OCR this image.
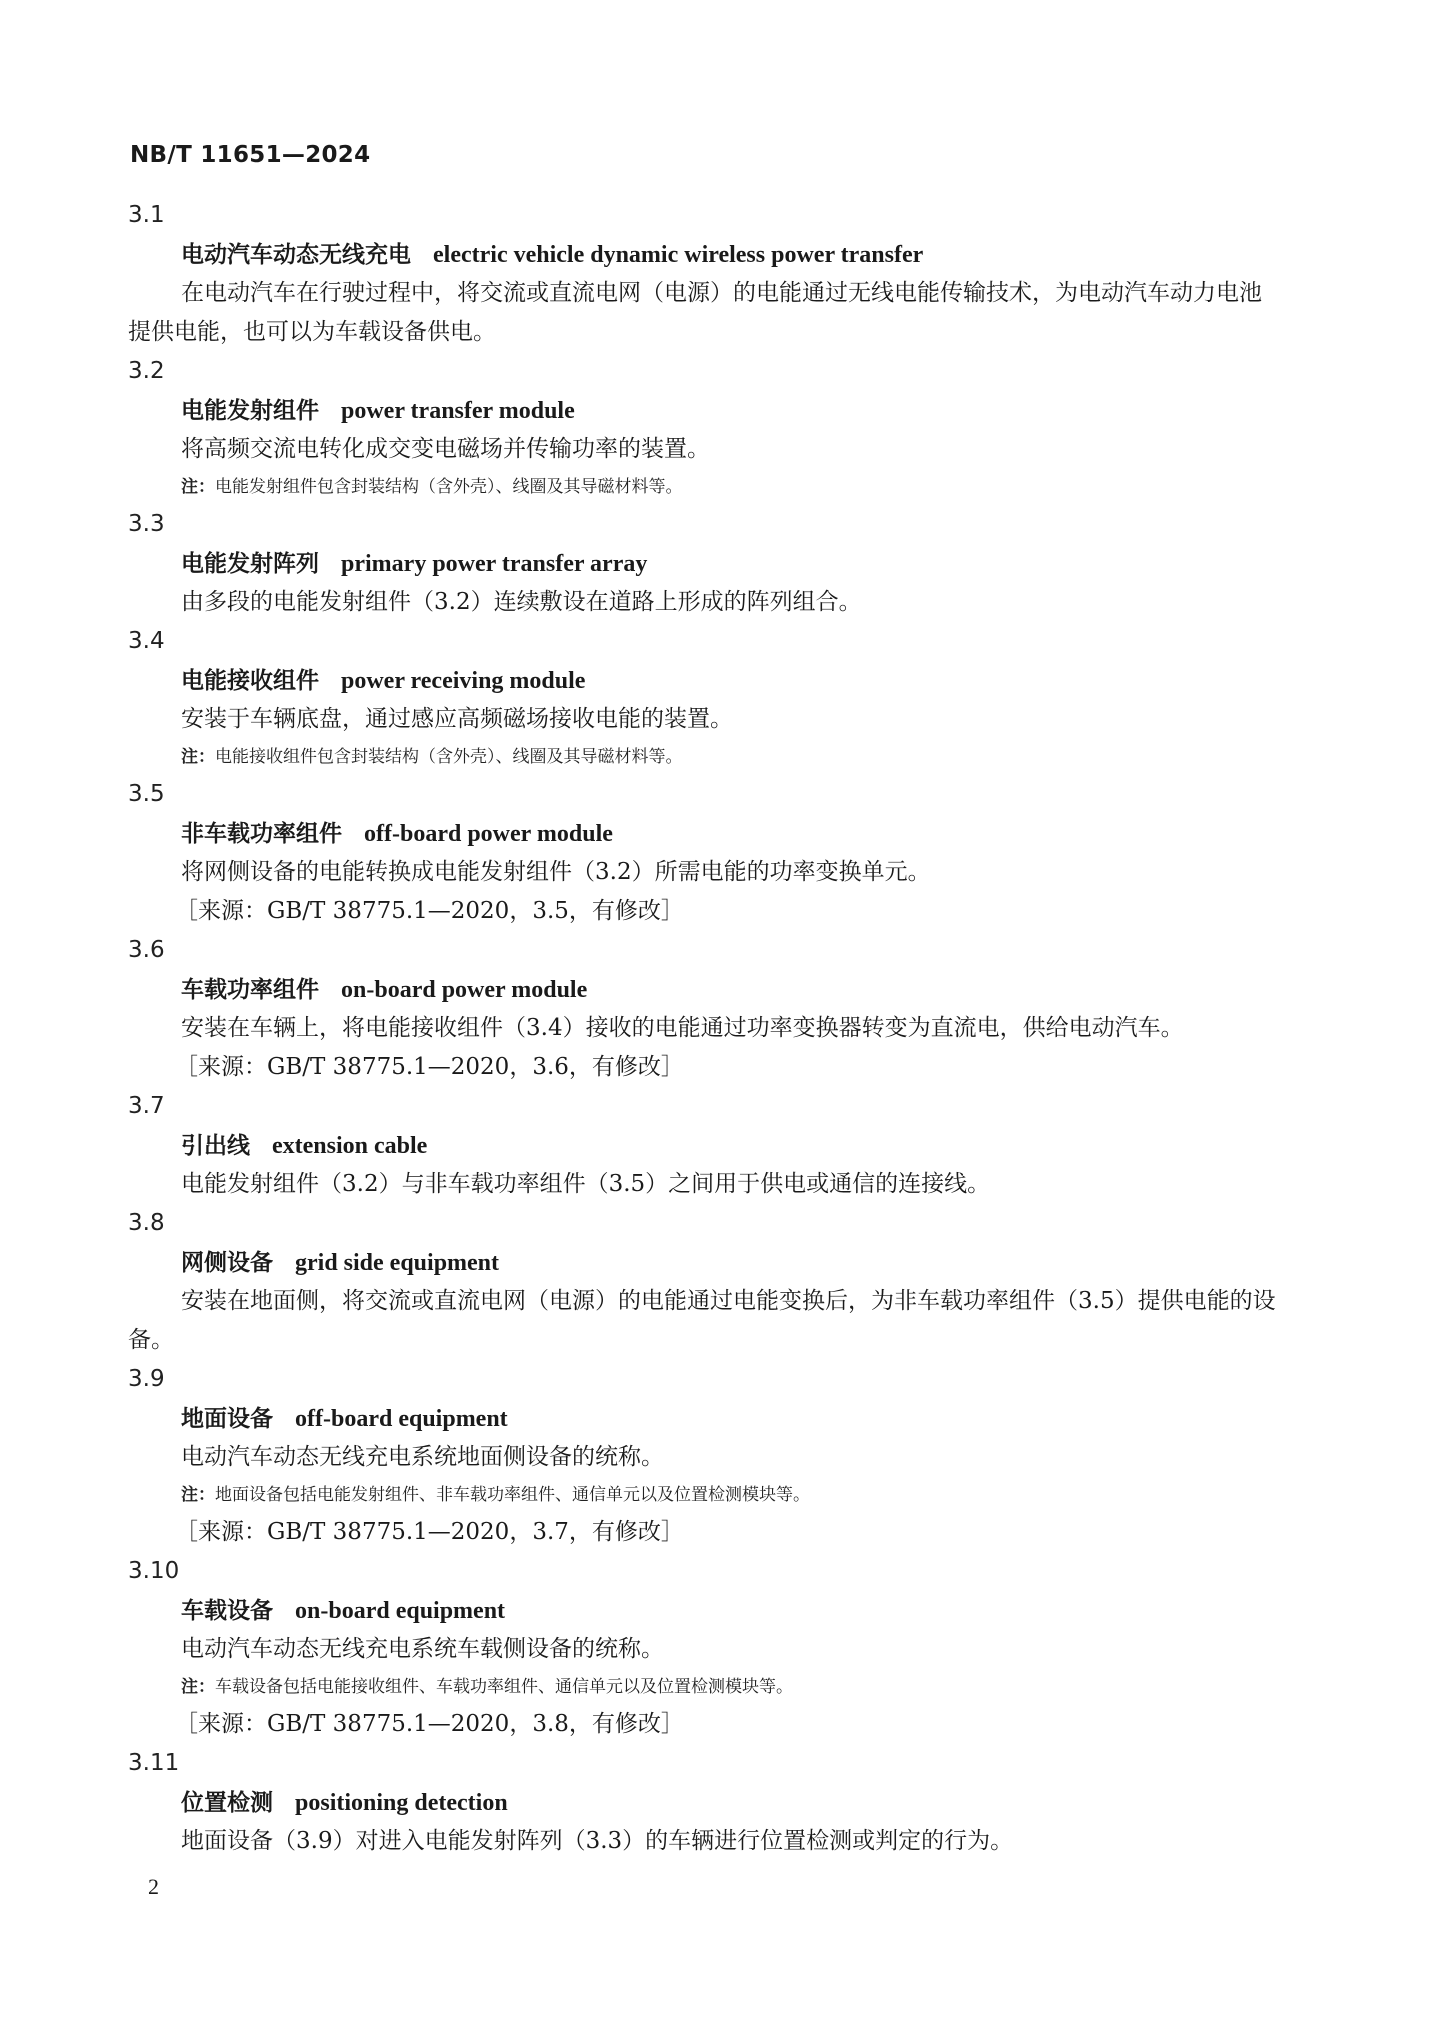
NB/T 11651—2024
3.1
电动汽车动态无线充电 electric vehicle dynamic wireless power transfer
在电动汽车在行驶过程中，将交流或直流电网（电源）的电能通过无线电能传输技术，为电动汽车动力电池提供电能，也可以为车载设备供电。
3.2
电能发射组件 power transfer module
将高频交流电转化成交变电磁场并传输功率的装置。
注：电能发射组件包含封装结构（含外壳）、线圈及其导磁材料等。
3.3
电能发射阵列 primary power transfer array
由多段的电能发射组件（3.2）连续敷设在道路上形成的阵列组合。
3.4
电能接收组件 power receiving module
安装于车辆底盘，通过感应高频磁场接收电能的装置。
注：电能接收组件包含封装结构（含外壳）、线圈及其导磁材料等。
3.5
非车载功率组件 off-board power module
将网侧设备的电能转换成电能发射组件（3.2）所需电能的功率变换单元。
［来源：GB/T 38775.1—2020，3.5，有修改］
3.6
车载功率组件 on-board power module
安装在车辆上，将电能接收组件（3.4）接收的电能通过功率变换器转变为直流电，供给电动汽车。
［来源：GB/T 38775.1—2020，3.6，有修改］
3.7
引出线 extension cable
电能发射组件（3.2）与非车载功率组件（3.5）之间用于供电或通信的连接线。
3.8
网侧设备 grid side equipment
安装在地面侧，将交流或直流电网（电源）的电能通过电能变换后，为非车载功率组件（3.5）提供电能的设备。
3.9
地面设备 off-board equipment
电动汽车动态无线充电系统地面侧设备的统称。
注：地面设备包括电能发射组件、非车载功率组件、通信单元以及位置检测模块等。
［来源：GB/T 38775.1—2020，3.7，有修改］
3.10
车载设备 on-board equipment
电动汽车动态无线充电系统车载侧设备的统称。
注：车载设备包括电能接收组件、车载功率组件、通信单元以及位置检测模块等。
［来源：GB/T 38775.1—2020，3.8，有修改］
3.11
位置检测 positioning detection
地面设备（3.9）对进入电能发射阵列（3.3）的车辆进行位置检测或判定的行为。
2
